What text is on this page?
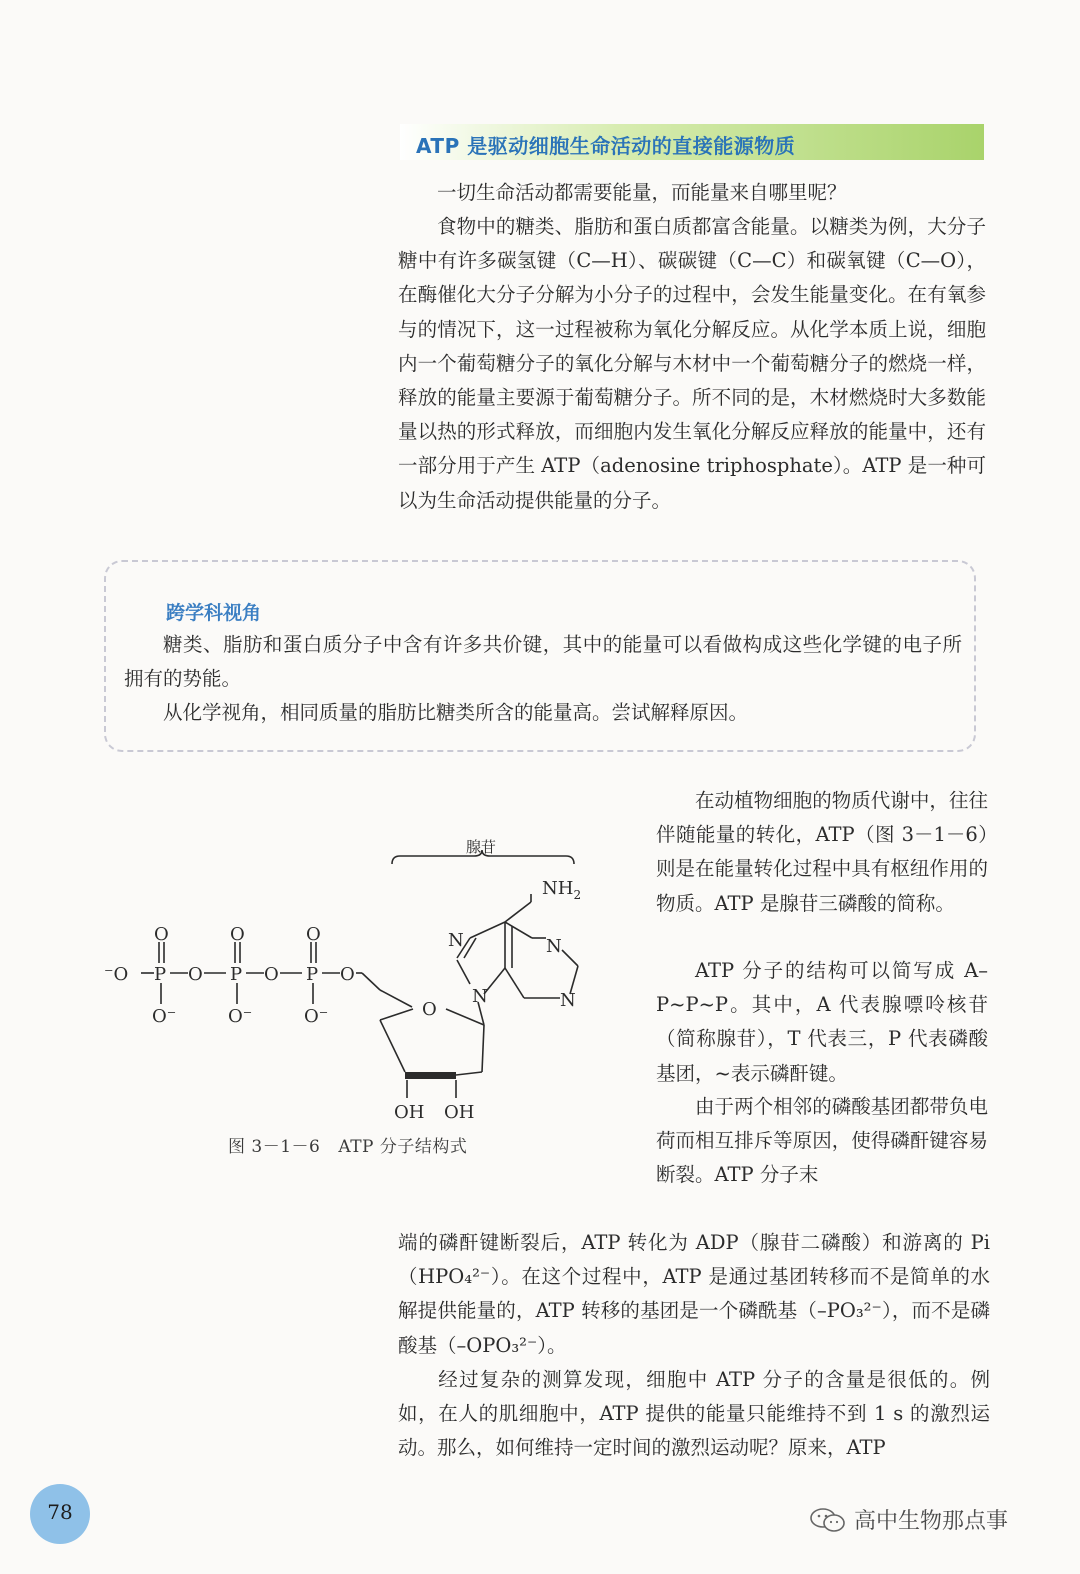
ATP 是驱动细胞生命活动的直接能源物质

一切生命活动都需要能量，而能量来自哪里呢？

食物中的糖类、脂肪和蛋白质都富含能量。以糖类为例，大分子糖中有许多碳氢键（C—H）、碳碳键（C—C）和碳氧键（C—O），在酶催化大分子分解为小分子的过程中，会发生能量变化。在有氧参与的情况下，这一过程被称为氧化分解反应。从化学本质上说，细胞内一个葡萄糖分子的氧化分解与木材中一个葡萄糖分子的燃烧一样，释放的能量主要源于葡萄糖分子。所不同的是，木材燃烧时大多数能量以热的形式释放，而细胞内发生氧化分解反应释放的能量中，还有一部分用于产生 ATP（adenosine triphosphate）。ATP 是一种可以为生命活动提供能量的分子。

跨学科视角

糖类、脂肪和蛋白质分子中含有许多共价键，其中的能量可以看做构成这些化学键的电子所拥有的势能。

从化学视角，相同质量的脂肪比糖类所含的能量高。尝试解释原因。

腺苷
$NH_2$
⁻O P O P O P O
O	O	O
O⁻	O⁻	O⁻	O
N
N	N
N
OH OH
图 3－1－6 ATP 分子结构式

在动植物细胞的物质代谢中，往往伴随能量的转化，ATP（图 3－1－6）则是在能量转化过程中具有枢纽作用的物质。ATP 是腺苷三磷酸的简称。

ATP 分子的结构可以简写成 A–P~P~P。其中，A 代表腺嘌呤核苷（简称腺苷），T 代表三，P 代表磷酸基团，~表示磷酐键。

由于两个相邻的磷酸基团都带负电荷而相互排斥等原因，使得磷酐键容易断裂。ATP 分子末

端的磷酐键断裂后，ATP 转化为 ADP（腺苷二磷酸）和游离的 Pi（HPO₄²⁻）。在这个过程中，ATP 是通过基团转移而不是简单的水解提供能量的，ATP 转移的基团是一个磷酰基（–PO₃²⁻），而不是磷酸基（–OPO₃²⁻）。
经过复杂的测算发现，细胞中 ATP 分子的含量是很低的。例如，在人的肌细胞中，ATP 提供的能量只能维持不到 1 s 的激烈运动。那么，如何维持一定时间的激烈运动呢？原来，ATP

78	高中生物那点事
